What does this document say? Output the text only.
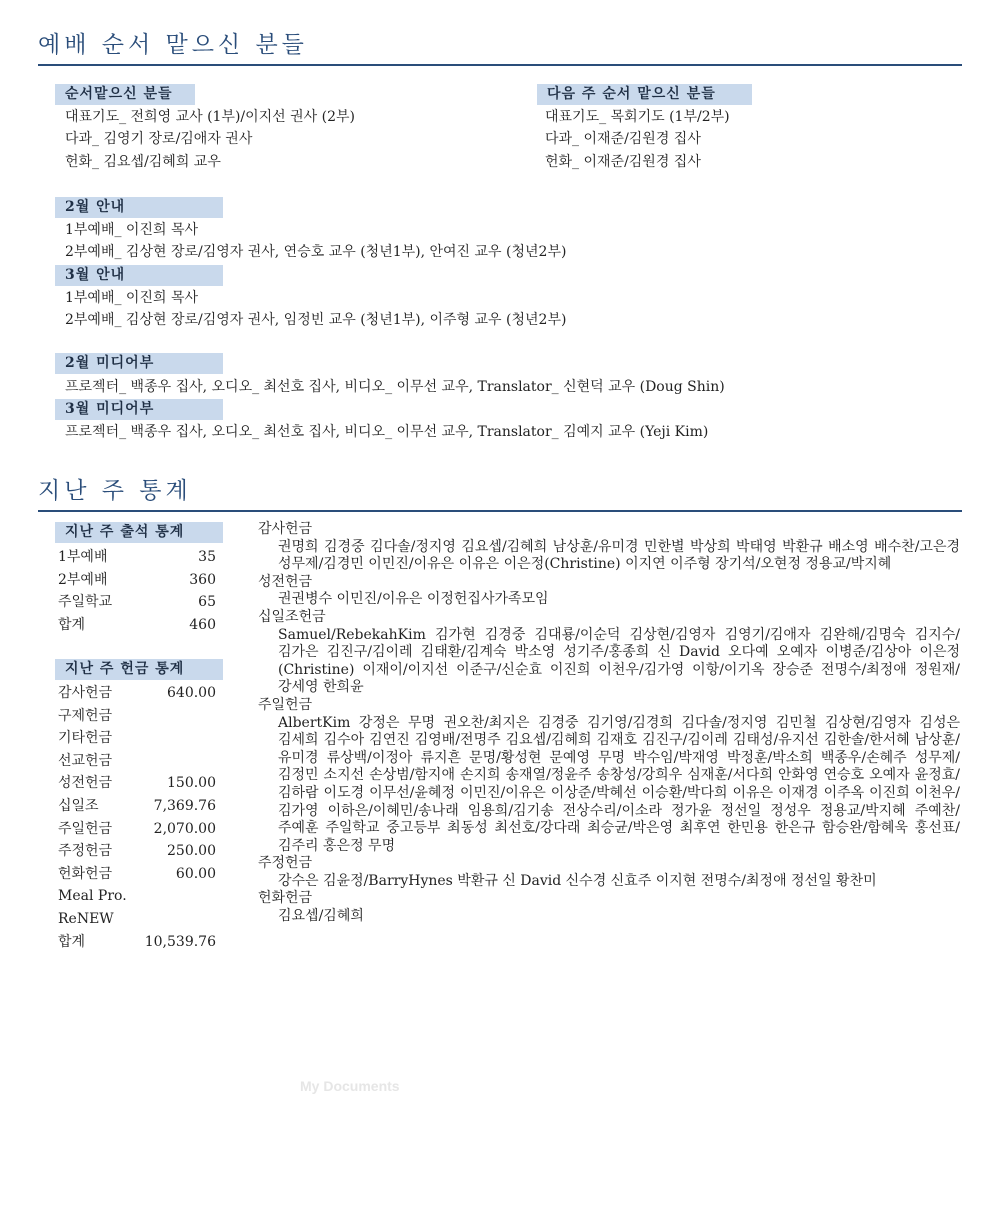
예배 순서 맡으신 분들
순서맡으신 분들
대표기도_ 전희영 교사 (1부)/이지선 권사 (2부)
다과_ 김영기 장로/김애자 권사
헌화_ 김요셉/김혜희 교우
다음 주 순서 맡으신 분들
대표기도_ 목회기도 (1부/2부)
다과_ 이재준/김원경 집사
헌화_ 이재준/김원경 집사
2월 안내
1부예배_ 이진희 목사
2부예배_ 김상현 장로/김영자 권사, 연승호 교우 (청년1부), 안여진 교우 (청년2부)
3월 안내
1부예배_ 이진희 목사
2부예배_ 김상현 장로/김영자 권사, 임정빈 교우 (청년1부), 이주형 교우 (청년2부)
2월 미디어부
프로젝터_ 백종우 집사, 오디오_ 최선호 집사, 비디오_ 이무선 교우, Translator_ 신현덕 교우 (Doug Shin)
3월 미디어부
프로젝터_ 백종우 집사, 오디오_ 최선호 집사, 비디오_ 이무선 교우, Translator_ 김예지 교우 (Yeji Kim)
지난 주 통계
지난 주 출석 통계
1부예배	35
2부예배	360
주일학교	65
합계	460
지난 주 헌금 통계
감사헌금	640.00
구제헌금
기타헌금
선교헌금
성전헌금	150.00
십일조	7,369.76
주일헌금	2,070.00
주정헌금	250.00
헌화헌금	60.00
Meal Pro.
ReNEW
합계	10,539.76
감사헌금
권명희 김경중 김다솔/정지영 김요셉/김혜희 남상훈/유미경 민한별 박상희 박태영 박환규 배소영 배수찬/고은경 성무제/김경민 이민진/이유은 이유은 이은정(Christine) 이지연 이주형 장기석/오현정 정용교/박지혜
성전헌금
권권병수 이민진/이유은 이정헌집사가족모임
십일조헌금
Samuel/RebekahKim 김가현 김경중 김대룡/이순덕 김상현/김영자 김영기/김애자 김완해/김명숙 김지수/김가은 김진구/김이레 김태환/김계숙 박소영 성기주/홍종희 신 David 오다예 오예자 이병준/김상아 이은정(Christine) 이재이/이지선 이준구/신순효 이진희 이천우/김가영 이항/이기옥 장승준 전명수/최정애 정원재/강세영 한희윤
주일헌금
AlbertKim 강정은 무명 권오찬/최지은 김경중 김기영/김경희 김다솔/정지영 김민철 김상현/김영자 김성은 김세희 김수아 김연진 김영배/전명주 김요셉/김혜희 김재호 김진구/김이레 김태성/유지선 김한솔/한서혜 남상훈/유미경 류상백/이정아 류지흔 문명/황성현 문예영 무명 박수임/박재영 박정훈/박소희 백종우/손혜주 성무제/김정민 소지선 손상범/함지애 손지희 송재열/정윤주 송창성/강희우 심재훈/서다희 안화영 연승호 오예자 윤정효/김하람 이도경 이무선/윤혜정 이민진/이유은 이상준/박혜선 이승환/박다희 이유은 이재경 이주옥 이진희 이천우/김가영 이하은/이혜민/송나래 임용희/김기송 전상수리/이소라 정가윤 정선일 정성우 정용교/박지혜 주예찬/주예훈 주일학교 중고등부 최동성 최선호/강다래 최승균/박은영 최후연 한민용 한은규 함승완/함혜욱 홍선표/김주리 홍은정 무명
주정헌금
강수은 김윤정/BarryHynes 박환규 신 David 신수경 신효주 이지현 전명수/최정애 정선일 황찬미
헌화헌금
김요셉/김혜희
My Documents
